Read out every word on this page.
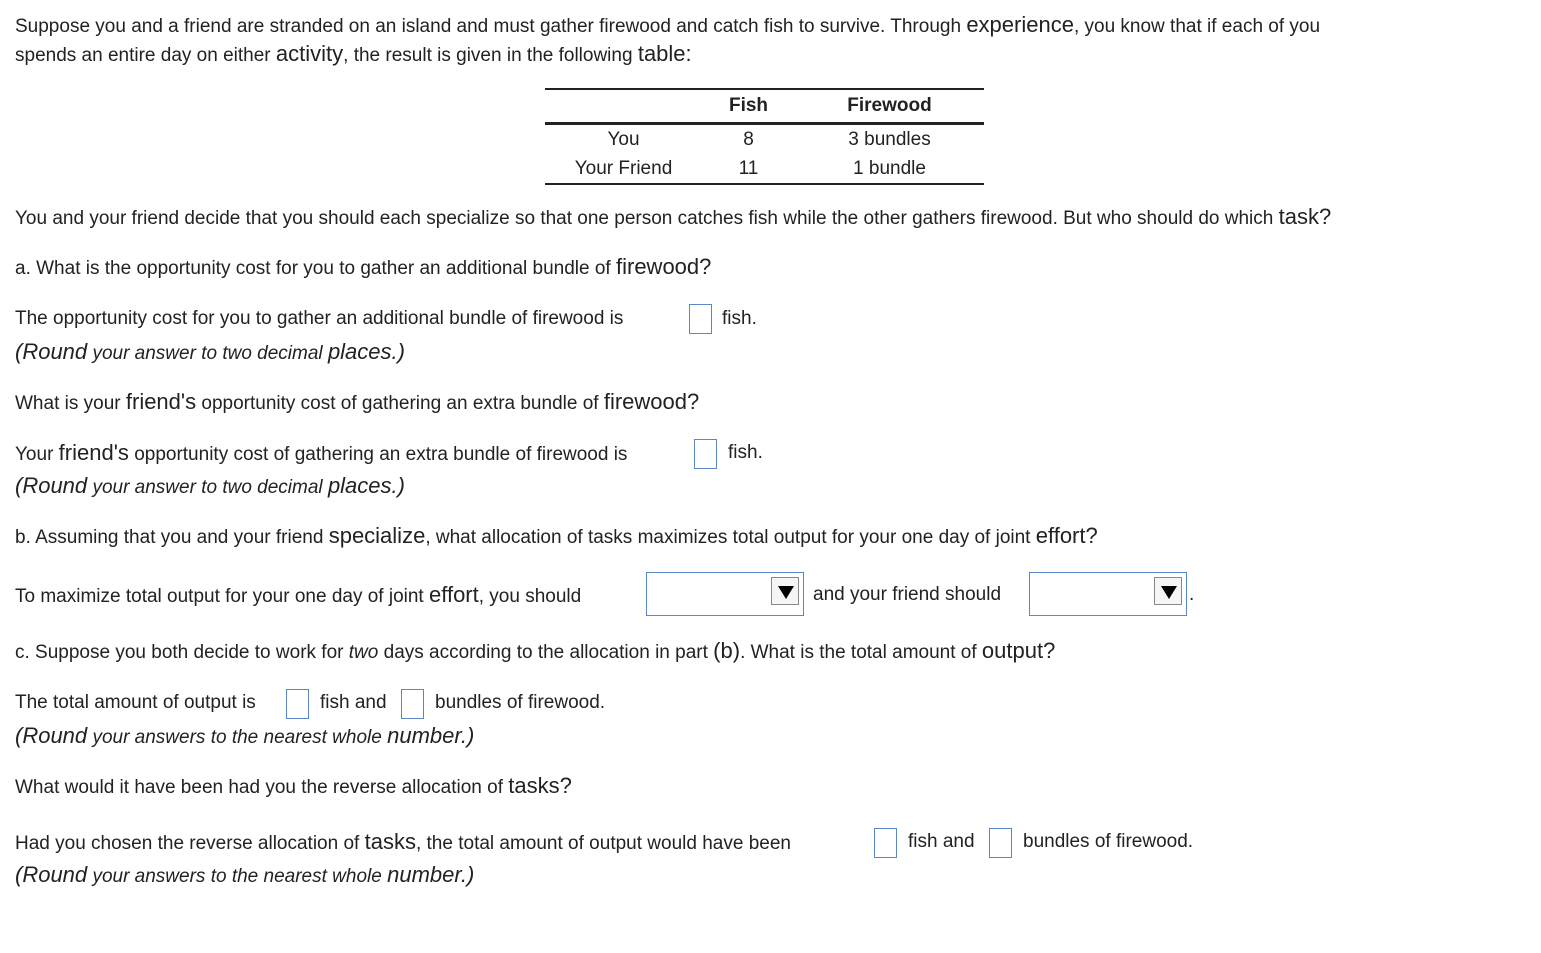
Suppose you and a friend are stranded on an island and must gather firewood and catch fish to survive. Through experience, you know that if each of you
spends an entire day on either activity, the result is given in the following table:
	Fish	Firewood
You	8	3 bundles
Your Friend	11	1 bundle
You and your friend decide that you should each specialize so that one person catches fish while the other gathers firewood. But who should do which task?
a. What is the opportunity cost for you to gather an additional bundle of firewood?
The opportunity cost for you to gather an additional bundle of firewood is	fish.
(Round your answer to two decimal places.)
What is your friend's opportunity cost of gathering an extra bundle of firewood?
Your friend's opportunity cost of gathering an extra bundle of firewood is	fish.
(Round your answer to two decimal places.)
b. Assuming that you and your friend specialize, what allocation of tasks maximizes total output for your one day of joint effort?
To maximize total output for your one day of joint effort, you should	and your friend should	.
c. Suppose you both decide to work for two days according to the allocation in part (b). What is the total amount of output?
The total amount of output is	fish and	bundles of firewood.
(Round your answers to the nearest whole number.)
What would it have been had you the reverse allocation of tasks?
Had you chosen the reverse allocation of tasks, the total amount of output would have been	fish and	bundles of firewood.
(Round your answers to the nearest whole number.)
